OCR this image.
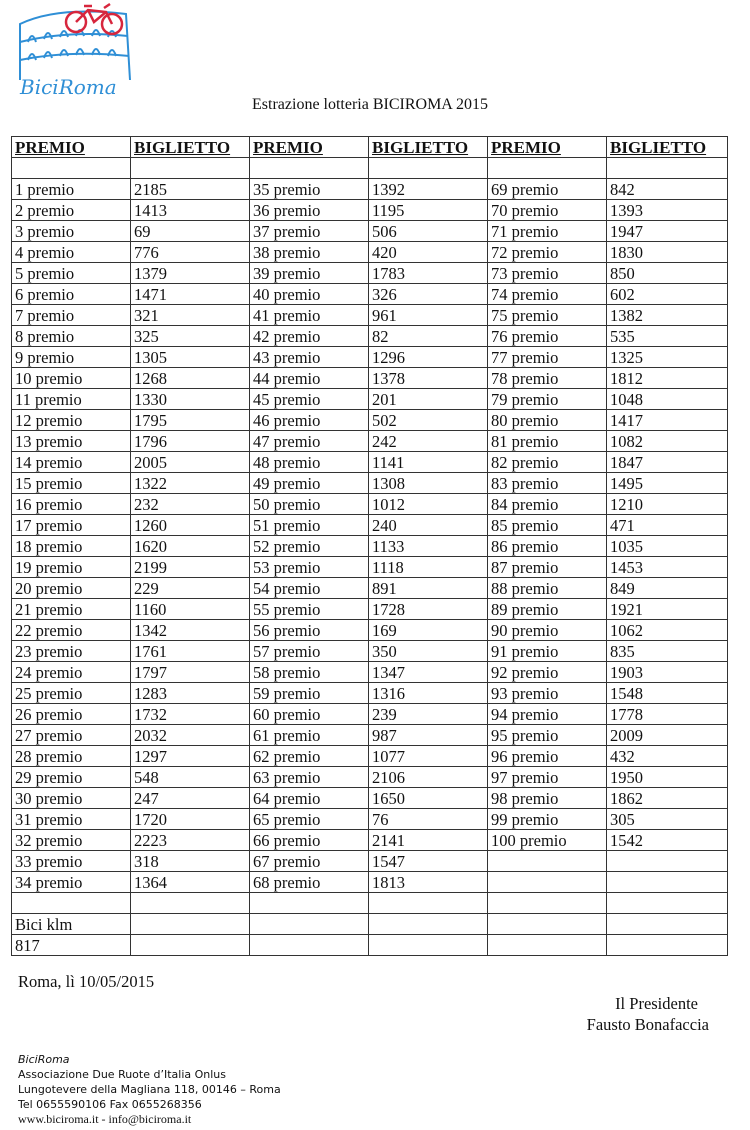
BiciRoma
Estrazione lotteria BICIROMA 2015
PREMIO	BIGLIETTO	PREMIO	BIGLIETTO	PREMIO	BIGLIETTO

1 premio	2185	35 premio	1392	69 premio	842
2 premio	1413	36 premio	1195	70 premio	1393
3 premio	69	37 premio	506	71 premio	1947
4 premio	776	38 premio	420	72 premio	1830
5 premio	1379	39 premio	1783	73 premio	850
6 premio	1471	40 premio	326	74 premio	602
7 premio	321	41 premio	961	75 premio	1382
8 premio	325	42 premio	82	76 premio	535
9 premio	1305	43 premio	1296	77 premio	1325
10 premio	1268	44 premio	1378	78 premio	1812
11 premio	1330	45 premio	201	79 premio	1048
12 premio	1795	46 premio	502	80 premio	1417
13 premio	1796	47 premio	242	81 premio	1082
14 premio	2005	48 premio	1141	82 premio	1847
15 premio	1322	49 premio	1308	83 premio	1495
16 premio	232	50 premio	1012	84 premio	1210
17 premio	1260	51 premio	240	85 premio	471
18 premio	1620	52 premio	1133	86 premio	1035
19 premio	2199	53 premio	1118	87 premio	1453
20 premio	229	54 premio	891	88 premio	849
21 premio	1160	55 premio	1728	89 premio	1921
22 premio	1342	56 premio	169	90 premio	1062
23 premio	1761	57 premio	350	91 premio	835
24 premio	1797	58 premio	1347	92 premio	1903
25 premio	1283	59 premio	1316	93 premio	1548
26 premio	1732	60 premio	239	94 premio	1778
27 premio	2032	61 premio	987	95 premio	2009
28 premio	1297	62 premio	1077	96 premio	432
29 premio	548	63 premio	2106	97 premio	1950
30 premio	247	64 premio	1650	98 premio	1862
31 premio	1720	65 premio	76	99 premio	305
32 premio	2223	66 premio	2141	100 premio	1542
33 premio	318	67 premio	1547		
34 premio	1364	68 premio	1813		

Bici klm					
817					
Roma, lì 10/05/2015
Il Presidente
Fausto Bonafaccia
BiciRoma
Associazione Due Ruote d’Italia Onlus
Lungotevere della Magliana 118, 00146 – Roma
Tel 0655590106 Fax 0655268356
www.biciroma.it - info@biciroma.it
